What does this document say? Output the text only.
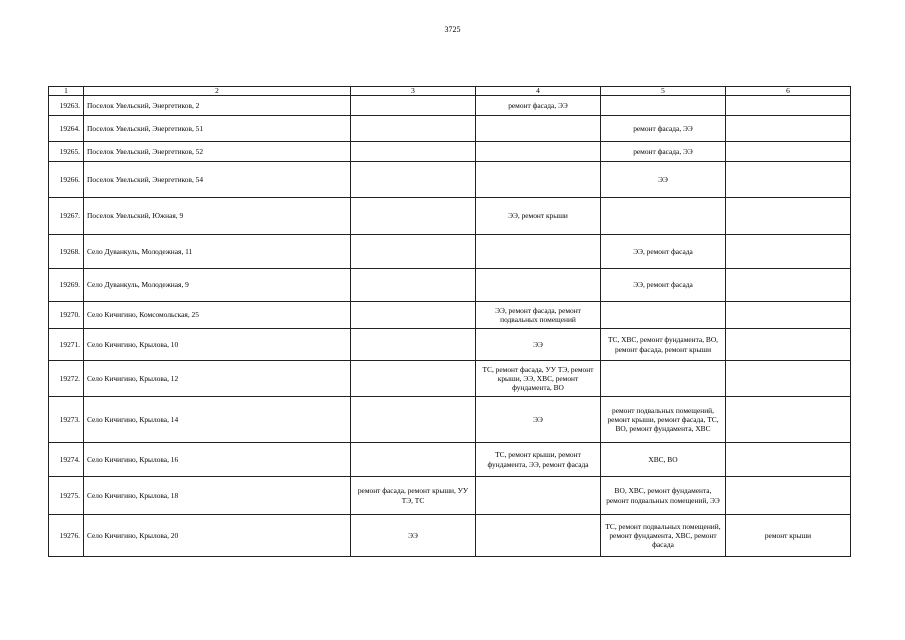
3725
1	2	3	4	5	6
19263.	Поселок Увельский, Энергетиков, 2		ремонт фасада, ЭЭ		
19264.	Поселок Увельский, Энергетиков, 51			ремонт фасада, ЭЭ	
19265.	Поселок Увельский, Энергетиков, 52			ремонт фасада, ЭЭ	
19266.	Поселок Увельский, Энергетиков, 54			ЭЭ	
19267.	Поселок Увельский, Южная, 9		ЭЭ, ремонт крыши		
19268.	Село Дуванкуль, Молодежная, 11			ЭЭ, ремонт фасада	
19269.	Село Дуванкуль, Молодежная, 9			ЭЭ, ремонт фасада	
19270.	Село Кичигино, Комсомольская, 25		ЭЭ, ремонт фасада, ремонт подвальных помещений		
19271.	Село Кичигино, Крылова, 10		ЭЭ	ТС, ХВС, ремонт фундамента, ВО, ремонт фасада, ремонт крыши	
19272.	Село Кичигино, Крылова, 12		ТС, ремонт фасада, УУ ТЭ, ремонт крыши, ЭЭ, ХВС, ремонт фундамента, ВО		
19273.	Село Кичигино, Крылова, 14		ЭЭ	ремонт подвальных помещений, ремонт крыши, ремонт фасада, ТС, ВО, ремонт фундамента, ХВС	
19274.	Село Кичигино, Крылова, 16		ТС, ремонт крыши, ремонт фундамента, ЭЭ, ремонт фасада	ХВС, ВО	
19275.	Село Кичигино, Крылова, 18	ремонт фасада, ремонт крыши, УУ ТЭ, ТС		ВО, ХВС, ремонт фундамента, ремонт подвальных помещений, ЭЭ	
19276.	Село Кичигино, Крылова, 20	ЭЭ		ТС, ремонт подвальных помещений, ремонт фундамента, ХВС, ремонт фасада	ремонт крыши
